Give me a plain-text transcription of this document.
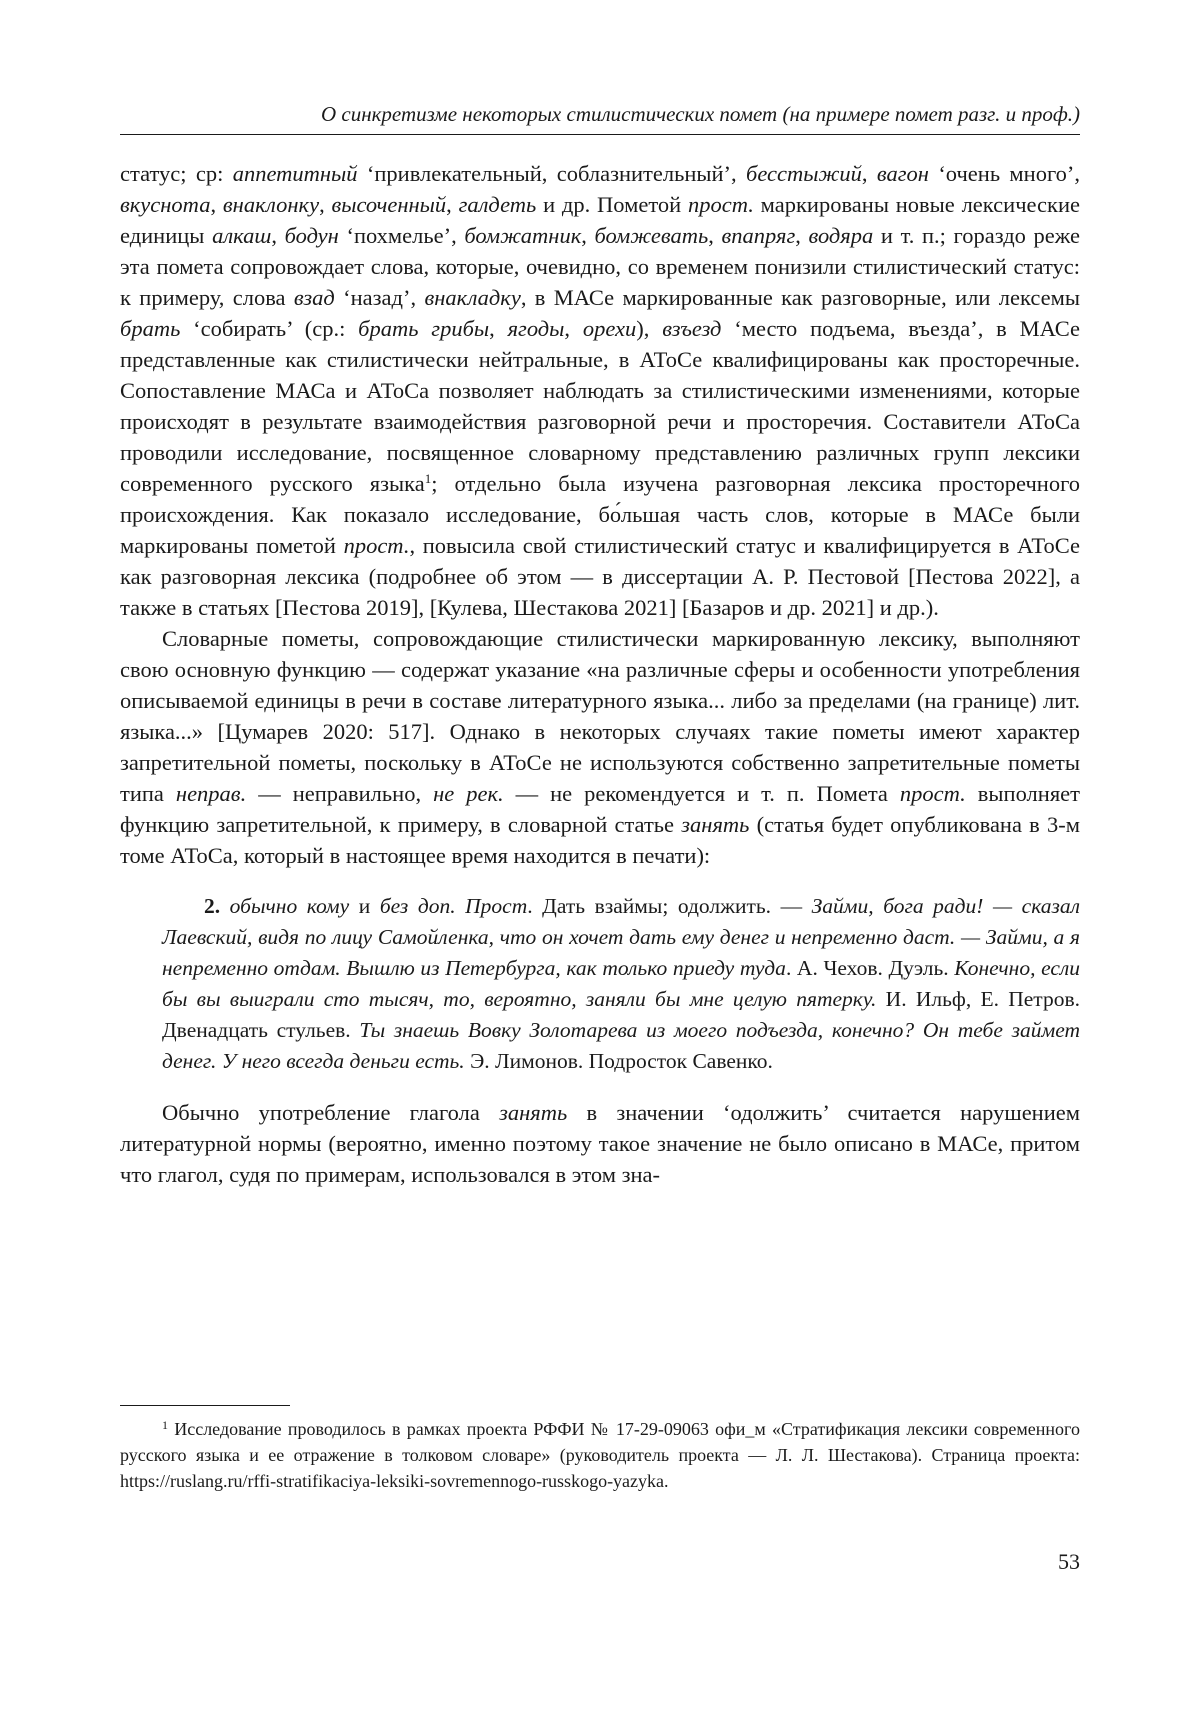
О синкретизме некоторых стилистических помет (на примере помет разг. и проф.)

статус; ср: аппетитный ‘привлекательный, соблазнительный’, бесстыжий, вагон ‘очень много’, вкуснота, внаклонку, высоченный, галдеть и др. Пометой прост. маркированы новые лексические единицы алкаш, бодун ‘похмелье’, бомжатник, бомжевать, впапряг, водяра и т. п.; гораздо реже эта помета сопровождает слова, которые, очевидно, со временем понизили стилистический статус: к примеру, слова взад ‘назад’, внакладку, в МАСе маркированные как разговорные, или лексемы брать ‘собирать’ (ср.: брать грибы, ягоды, орехи), взъезд ‘место подъема, въезда’, в МАСе представленные как стилистически нейтральные, в АТоСе квалифицированы как просторечные. Сопоставление МАСа и АТоСа позволяет наблюдать за стилистическими изменениями, которые происходят в результате взаимодействия разговорной речи и просторечия. Составители АТоСа проводили исследование, посвященное словарному представлению различных групп лексики современного русского языка$^1$; отдельно была изучена разговорная лексика просторечного происхождения. Как показало исследование, бо́льшая часть слов, которые в МАСе были маркированы пометой прост., повысила свой стилистический статус и квалифицируется в АТоСе как разговорная лексика (подробнее об этом — в диссертации А. Р. Пестовой [Пестова 2022], а также в статьях [Пестова 2019], [Кулева, Шестакова 2021] [Базаров и др. 2021] и др.).

Словарные пометы, сопровождающие стилистически маркированную лексику, выполняют свою основную функцию — содержат указание «на различные сферы и особенности употребления описываемой единицы в речи в составе литературного языка... либо за пределами (на границе) лит. языка...» [Цумарев 2020: 517]. Однако в некоторых случаях такие пометы имеют характер запретительной пометы, поскольку в АТоСе не используются собственно запретительные пометы типа неправ. — неправильно, не рек. — не рекомендуется и т. п. Помета прост. выполняет функцию запретительной, к примеру, в словарной статье занять (статья будет опубликована в 3-м томе АТоСа, который в настоящее время находится в печати):

2. обычно кому и без доп. Прост. Дать взаймы; одолжить. — Займи, бога ради! — сказал Лаевский, видя по лицу Самойленка, что он хочет дать ему денег и непременно даст. — Займи, а я непременно отдам. Вышлю из Петербурга, как только приеду туда. А. Чехов. Дуэль. Конечно, если бы вы выиграли сто тысяч, то, вероятно, заняли бы мне целую пятерку. И. Ильф, Е. Петров. Двенадцать стульев. Ты знаешь Вовку Золотарева из моего подъезда, конечно? Он тебе займет денег. У него всегда деньги есть. Э. Лимонов. Подросток Савенко.

Обычно употребление глагола занять в значении ‘одолжить’ считается нарушением литературной нормы (вероятно, именно поэтому такое значение не было описано в МАСе, притом что глагол, судя по примерам, использовался в этом зна-

$^1$ Исследование проводилось в рамках проекта РФФИ № 17-29-09063 офи_м «Стратификация лексики современного русского языка и ее отражение в толковом словаре» (руководитель проекта — Л. Л. Шестакова). Страница проекта: https://ruslang.ru/rffi-stratifikaciya-leksiki-sovremennogo-russkogo-yazyka.

53
